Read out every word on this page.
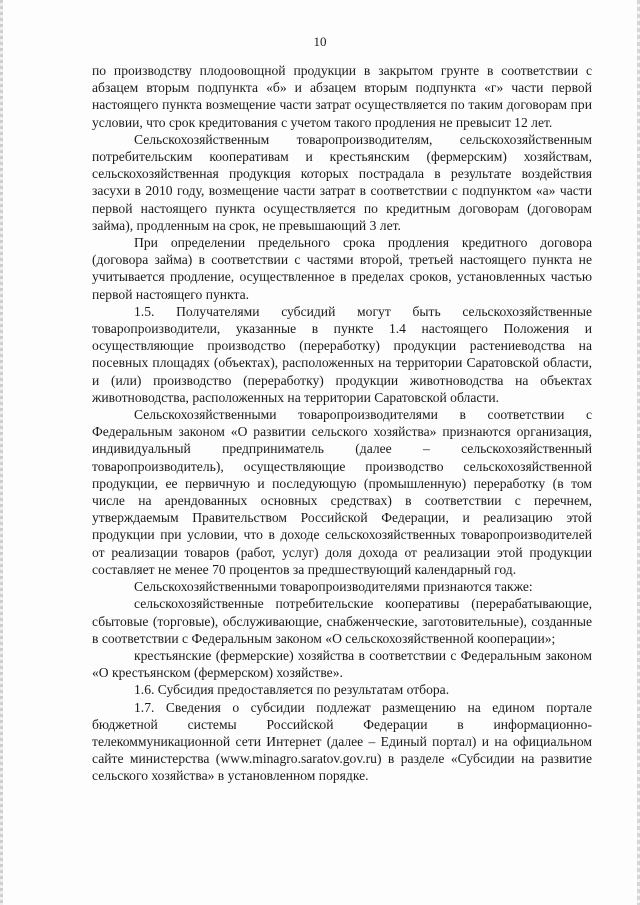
10

по производству плодоовощной продукции в закрытом грунте в соответствии с абзацем вторым подпункта «б» и абзацем вторым подпункта «г» части первой настоящего пункта возмещение части затрат осуществляется по таким договорам при условии, что срок кредитования с учетом такого продления не превысит 12 лет.

Сельскохозяйственным товаропроизводителям, сельскохозяйственным потребительским кооперативам и крестьянским (фермерским) хозяйствам, сельскохозяйственная продукция которых пострадала в результате воздействия засухи в 2010 году, возмещение части затрат в соответствии с подпунктом «а» части первой настоящего пункта осуществляется по кредитным договорам (договорам займа), продленным на срок, не превышающий 3 лет.

При определении предельного срока продления кредитного договора (договора займа) в соответствии с частями второй, третьей настоящего пункта не учитывается продление, осуществленное в пределах сроков, установленных частью первой настоящего пункта.

1.5. Получателями субсидий могут быть сельскохозяйственные товаропроизводители, указанные в пункте 1.4 настоящего Положения и осуществляющие производство (переработку) продукции растениеводства на посевных площадях (объектах), расположенных на территории Саратовской области, и (или) производство (переработку) продукции животноводства на объектах животноводства, расположенных на территории Саратовской области.

Сельскохозяйственными товаропроизводителями в соответствии с Федеральным законом «О развитии сельского хозяйства» признаются организация, индивидуальный предприниматель (далее – сельскохозяйственный товаропроизводитель), осуществляющие производство сельскохозяйственной продукции, ее первичную и последующую (промышленную) переработку (в том числе на арендованных основных средствах) в соответствии с перечнем, утверждаемым Правительством Российской Федерации, и реализацию этой продукции при условии, что в доходе сельскохозяйственных товаропроизводителей от реализации товаров (работ, услуг) доля дохода от реализации этой продукции составляет не менее 70 процентов за предшествующий календарный год.

Сельскохозяйственными товаропроизводителями признаются также:

сельскохозяйственные потребительские кооперативы (перерабатывающие, сбытовые (торговые), обслуживающие, снабженческие, заготовительные), созданные в соответствии с Федеральным законом «О сельскохозяйственной кооперации»;

крестьянские (фермерские) хозяйства в соответствии с Федеральным законом «О крестьянском (фермерском) хозяйстве».

1.6. Субсидия предоставляется по результатам отбора.

1.7. Сведения о субсидии подлежат размещению на едином портале бюджетной системы Российской Федерации в информационно-телекоммуникационной сети Интернет (далее – Единый портал) и на официальном сайте министерства (www.minagro.saratov.gov.ru) в разделе «Субсидии на развитие сельского хозяйства» в установленном порядке.
